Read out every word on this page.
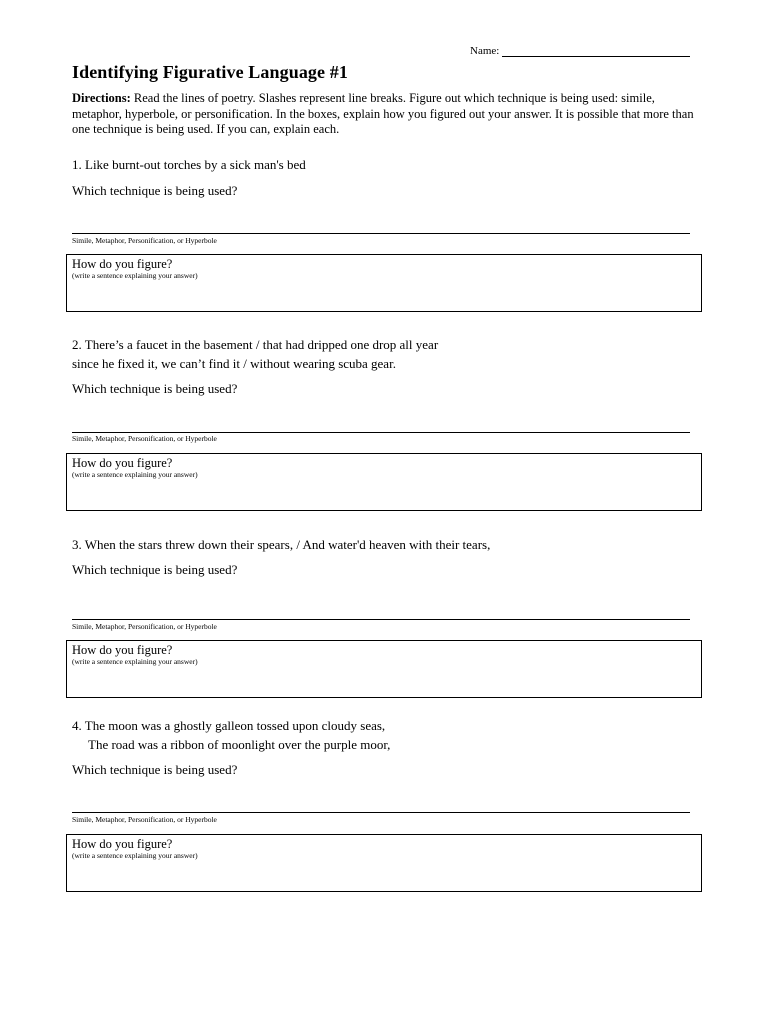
Name:
Identifying Figurative Language #1
Directions: Read the lines of poetry. Slashes represent line breaks. Figure out which technique is being used: simile, metaphor, hyperbole, or personification. In the boxes, explain how you figured out your answer. It is possible that more than one technique is being used. If you can, explain each.
1. Like burnt-out torches by a sick man's bed
Which technique is being used?
Simile, Metaphor, Personification, or Hyperbole
How do you figure?
(write a sentence explaining your answer)
2. There’s a faucet in the basement / that had dripped one drop all year
since he fixed it, we can’t find it / without wearing scuba gear.
Which technique is being used?
Simile, Metaphor, Personification, or Hyperbole
How do you figure?
(write a sentence explaining your answer)
3. When the stars threw down their spears, / And water'd heaven with their tears,
Which technique is being used?
Simile, Metaphor, Personification, or Hyperbole
How do you figure?
(write a sentence explaining your answer)
4. The moon was a ghostly galleon tossed upon cloudy seas,
The road was a ribbon of moonlight over the purple moor,
Which technique is being used?
Simile, Metaphor, Personification, or Hyperbole
How do you figure?
(write a sentence explaining your answer)
